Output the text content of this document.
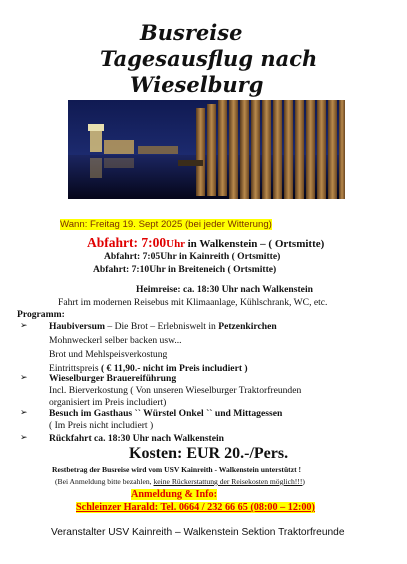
Busreise
Tagesausflug nach
Wieselburg
Wann: Freitag 19. Sept 2025 (bei jeder Witterung)
Abfahrt: 7:00Uhr in Walkenstein – ( Ortsmitte)
Abfahrt: 7:05Uhr in Kainreith ( Ortsmitte)
Abfahrt: 7:10Uhr in Breiteneich ( Ortsmitte)
Heimreise: ca. 18:30 Uhr nach Walkenstein
Fahrt im modernen Reisebus mit Klimaanlage, Kühlschrank, WC, etc.
Programm:
➢ Haubiversum – Die Brot – Erlebniswelt in Petzenkirchen
Mohnweckerl selber backen usw...
Brot und Mehlspeisverkostung
Eintrittspreis ( € 11,90.- nicht im Preis includiert )
➢ Wieselburger Brauereiführung
Incl. Bierverkostung ( Von unseren Wieselburger Traktorfreunden
organisiert im Preis includiert)
➢ Besuch im Gasthaus `` Würstel Onkel `` und Mittagessen
( Im Preis nicht includiert )
➢ Rückfahrt ca. 18:30 Uhr nach Walkenstein
Kosten: EUR 20.-/Pers.
Restbetrag der Busreise wird vom USV Kainreith - Walkenstein unterstützt !
(Bei Anmeldung bitte bezahlen, keine Rückerstattung der Reisekosten möglich!!!)
Anmeldung & Info:
Schleinzer Harald: Tel. 0664 / 232 66 65 (08:00 – 12:00)
Veranstalter USV Kainreith – Walkenstein Sektion Traktorfreunde
